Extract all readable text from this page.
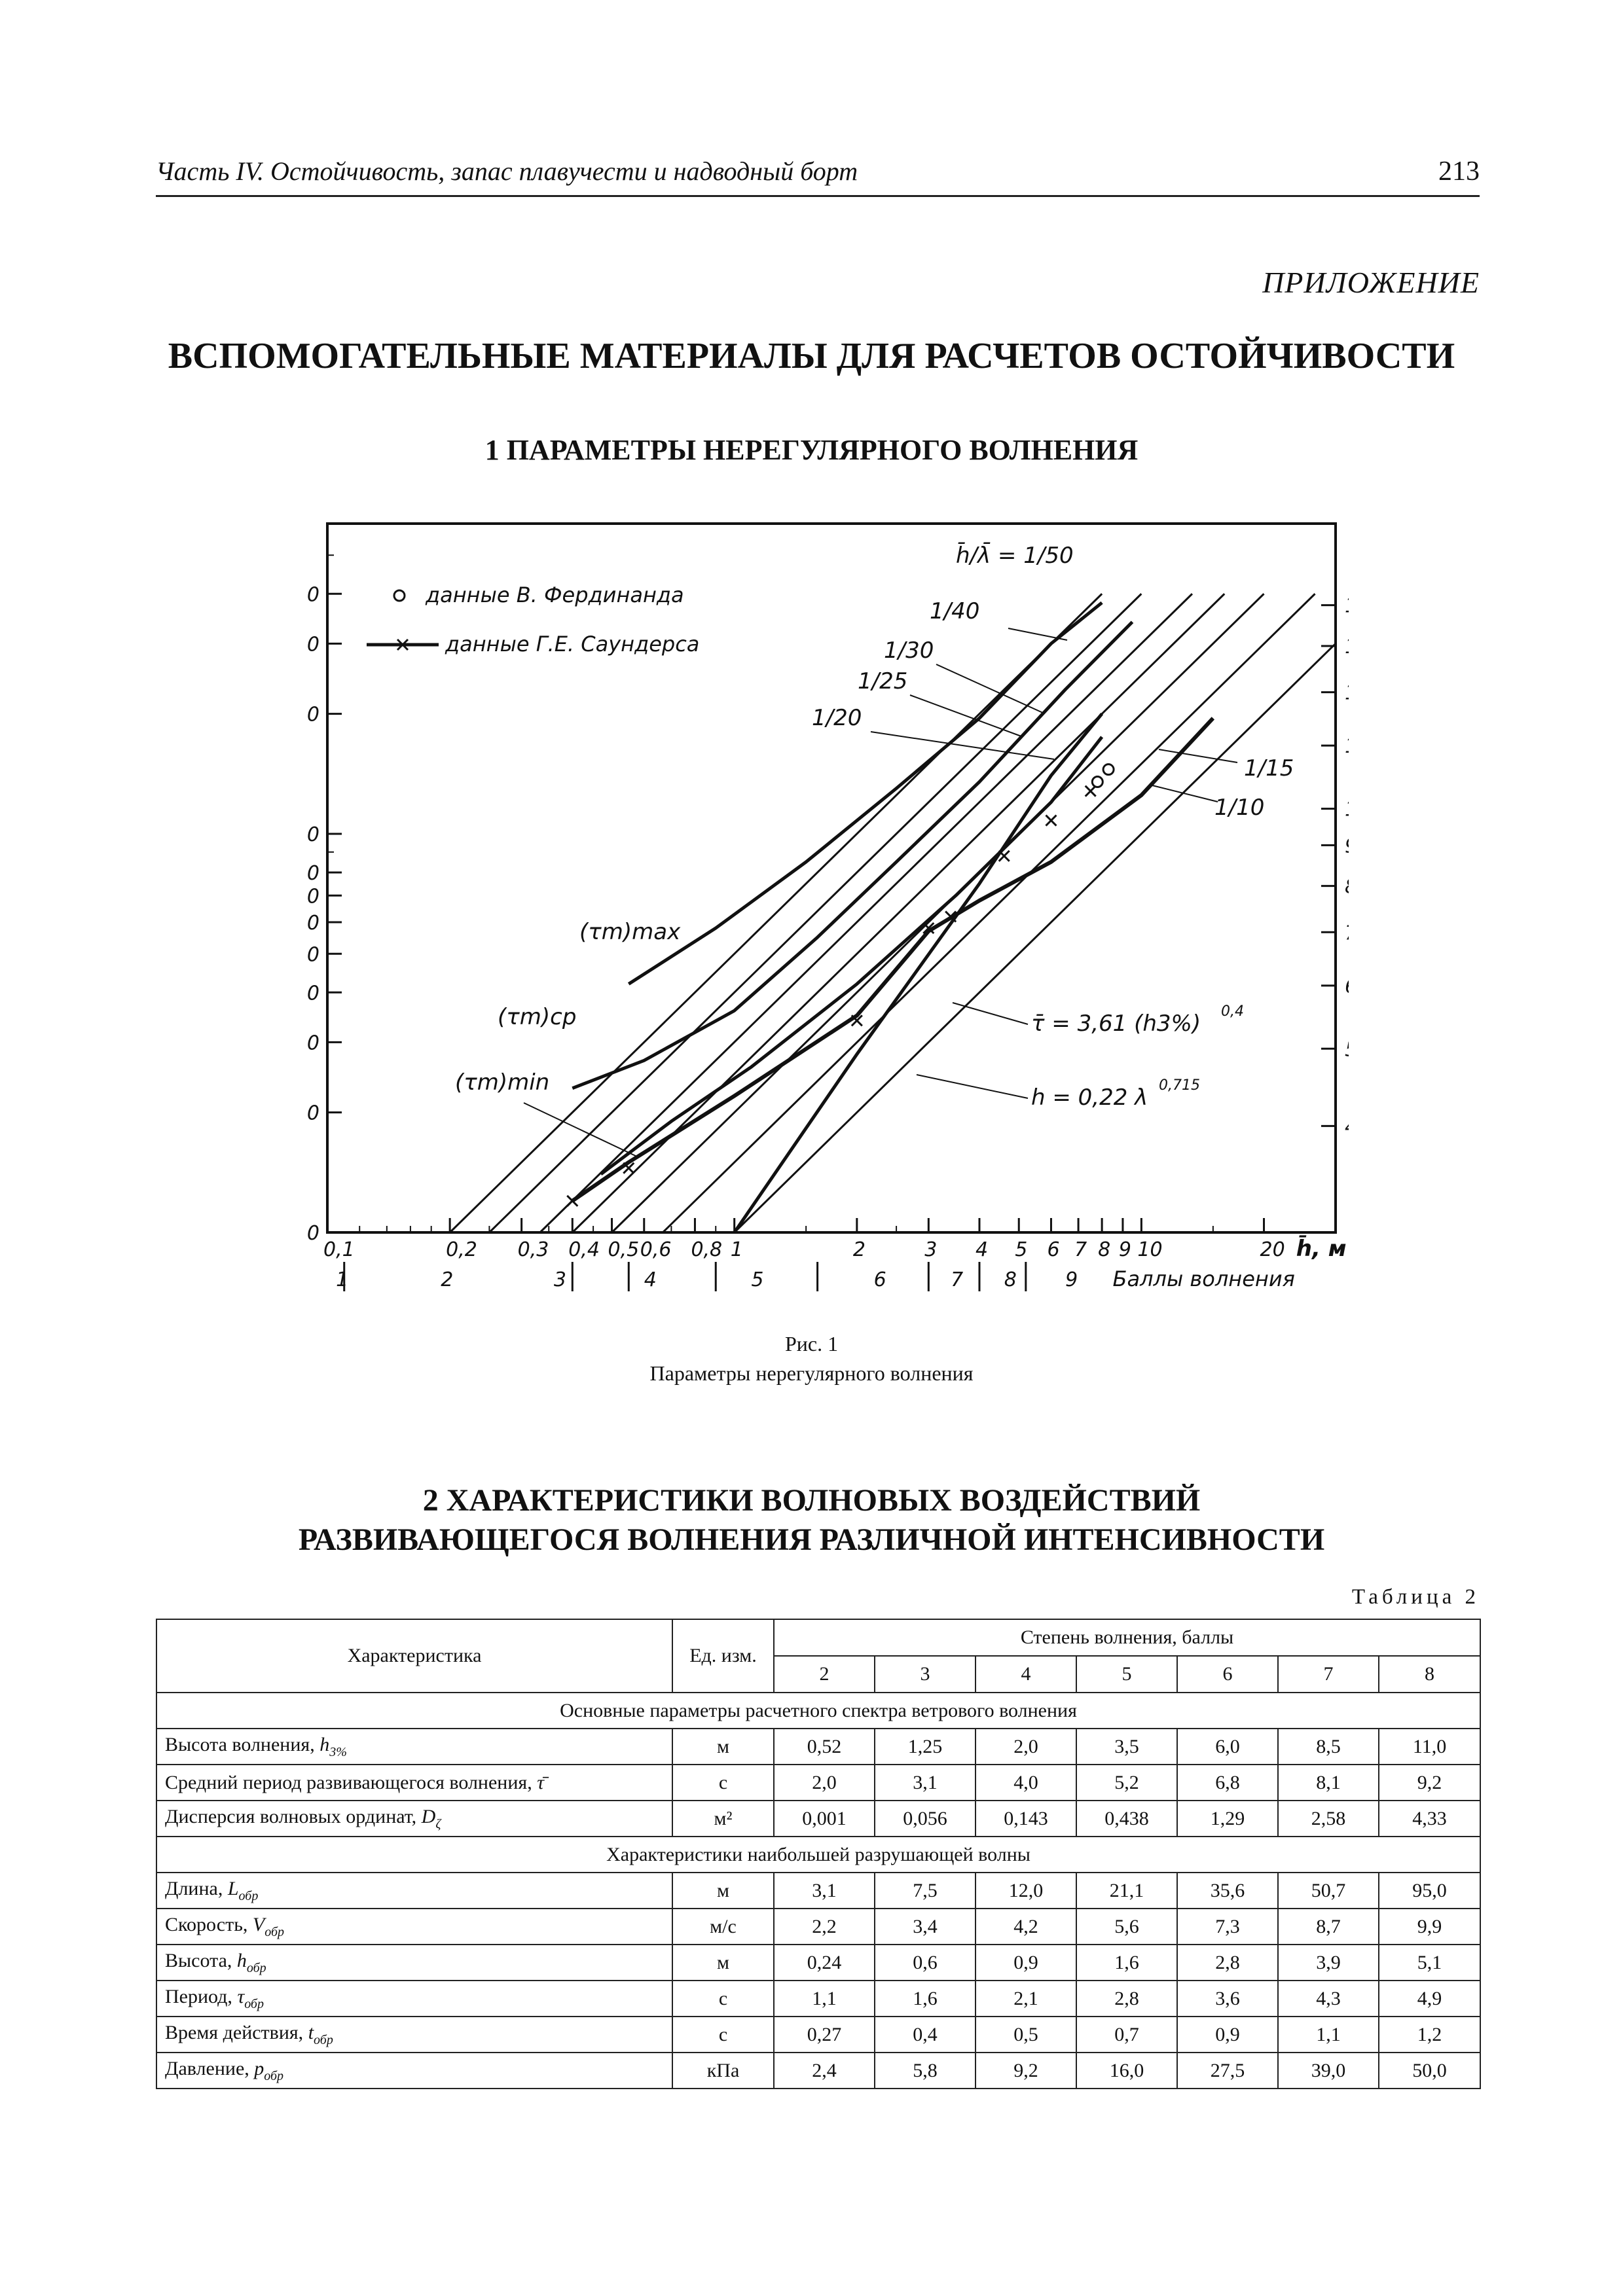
Часть IV. Остойчивость, запас плавучести и надводный борт	213
ПРИЛОЖЕНИЕ
ВСПОМОГАТЕЛЬНЫЕ МАТЕРИАЛЫ ДЛЯ РАСЧЕТОВ ОСТОЙЧИВОСТИ
1 ПАРАМЕТРЫ НЕРЕГУЛЯРНОГО ВОЛНЕНИЯ
0
0
0
0
0
0
0
0
0
0
0
0
0,1	0,2 0,3 0,4 0,5 0,6 0,8 1	2	3 4 5 6 7 8 9 10	20 h̄, м
1	2	3	4	5	6	7 8 9 Баллы волнения
данные В. Фердинанда
данные Г.Е. Саундерса
h̄/λ̄ = 1/50
1/40
1/30
1/25
1/20
1/15
1/10
(τm)max
(τm)cp
(τm)min
τ̄ = 3,61 (h3%) 0,4
h = 0,22 λ 0,715
Рис. 1
Параметры нерегулярного волнения
2 ХАРАКТЕРИСТИКИ ВОЛНОВЫХ ВОЗДЕЙСТВИЙ
РАЗВИВАЮЩЕГОСЯ ВОЛНЕНИЯ РАЗЛИЧНОЙ ИНТЕНСИВНОСТИ
Таблица 2
Характеристика	Ед. изм.	Степень волнения, баллы						
		2	3	4	5	6	7	8
Основные параметры расчетного спектра ветрового волнения								
Высота волнения, $h_{3\%}$	м	0,52	1,25	2,0	3,5	6,0	8,5	11,0
Средний период развивающегося волнения, τ̄	с	2,0	3,1	4,0	5,2	6,8	8,1	9,2
Дисперсия волновых ординат, $D_\zeta$	м²	0,001	0,056	0,143	0,438	1,29	2,58	4,33
Характеристики наибольшей разрушающей волны								
Длина, $L_{обр}$	м	3,1	7,5	12,0	21,1	35,6	50,7	95,0
Скорость, $V_{обр}$	м/с	2,2	3,4	4,2	5,6	7,3	8,7	9,9
Высота, $h_{обр}$	м	0,24	0,6	0,9	1,6	2,8	3,9	5,1
Период, $\tau_{обр}$	с	1,1	1,6	2,1	2,8	3,6	4,3	4,9
Время действия, $t_{обр}$	с	0,27	0,4	0,5	0,7	0,9	1,1	1,2
Давление, $p_{обр}$	кПа	2,4	5,8	9,2	16,0	27,5	39,0	50,0
